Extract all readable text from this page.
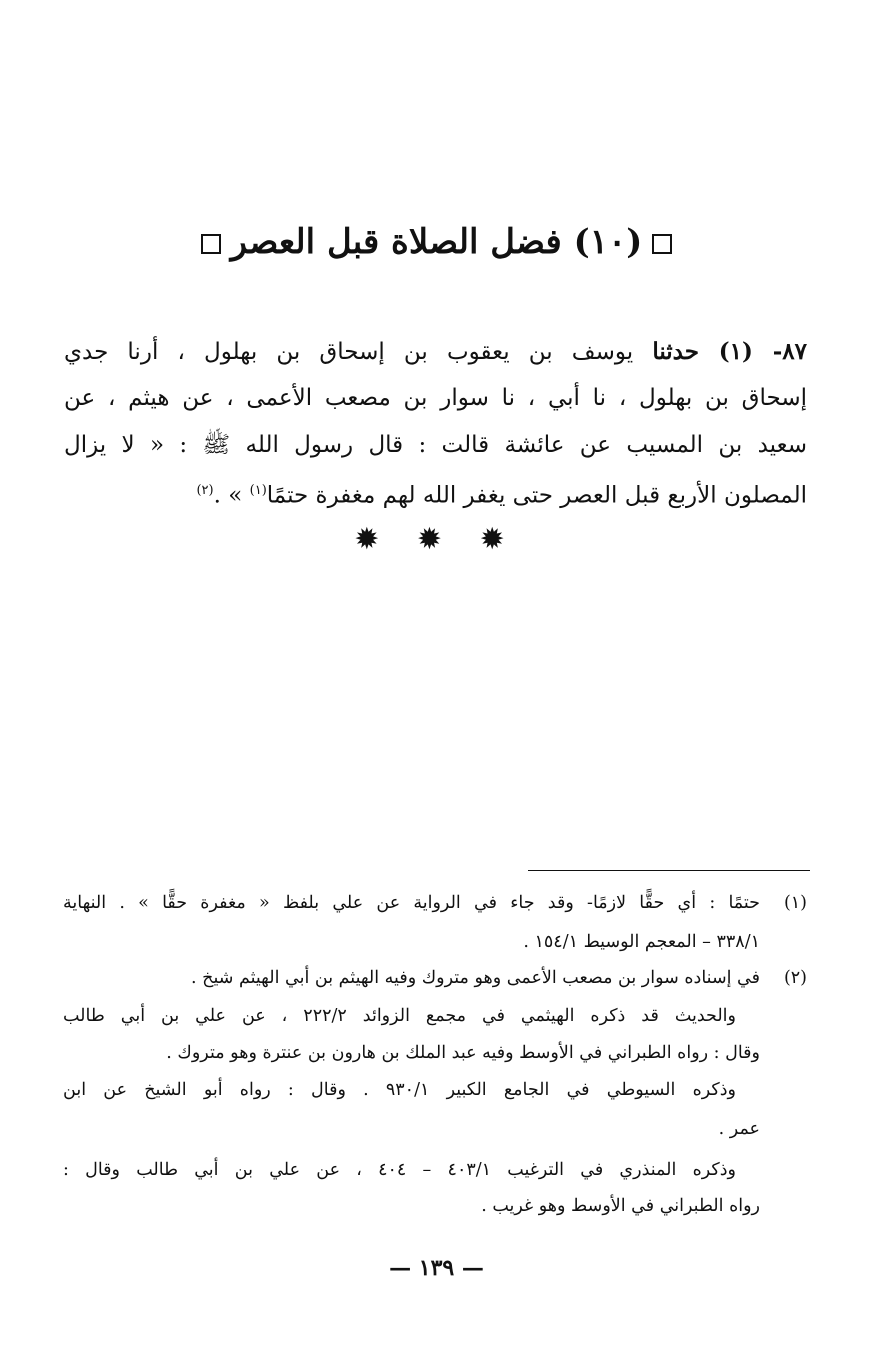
(١٠) فضل الصلاة قبل العصر
٨٧- (١) حدثنا يوسف بن يعقوب بن إسحاق بن بهلول ، أرنا جدي
إسحاق بن بهلول ، نا أبي ، نا سوار بن مصعب الأعمى ، عن هيثم ، عن
سعيد بن المسيب عن عائشة قالت : قال رسول الله ﷺ : « لا يزال
المصلون الأربع قبل العصر حتى يغفر الله لهم مغفرة حتمًا$^{(١)}$ » .$^{(٢)}$
✹ ✹ ✹
(١)
حتمًا : أي حقًّا لازمًا- وقد جاء في الرواية عن علي بلفظ « مغفرة حقًّا » . النهاية
٣٣٨/١ – المعجم الوسيط ١٥٤/١ .
(٢)
في إسناده سوار بن مصعب الأعمى وهو متروك وفيه الهيثم بن أبي الهيثم شيخ .
والحديث قد ذكره الهيثمي في مجمع الزوائد ٢٢٢/٢ ، عن علي بن أبي طالب
وقال : رواه الطبراني في الأوسط وفيه عبد الملك بن هارون بن عنترة وهو متروك .
وذكره السيوطي في الجامع الكبير ٩٣٠/١ . وقال : رواه أبو الشيخ عن ابن
عمر .
وذكره المنذري في الترغيب ٤٠٣/١ – ٤٠٤ ، عن علي بن أبي طالب وقال :
رواه الطبراني في الأوسط وهو غريب .
— ١٣٩ —
